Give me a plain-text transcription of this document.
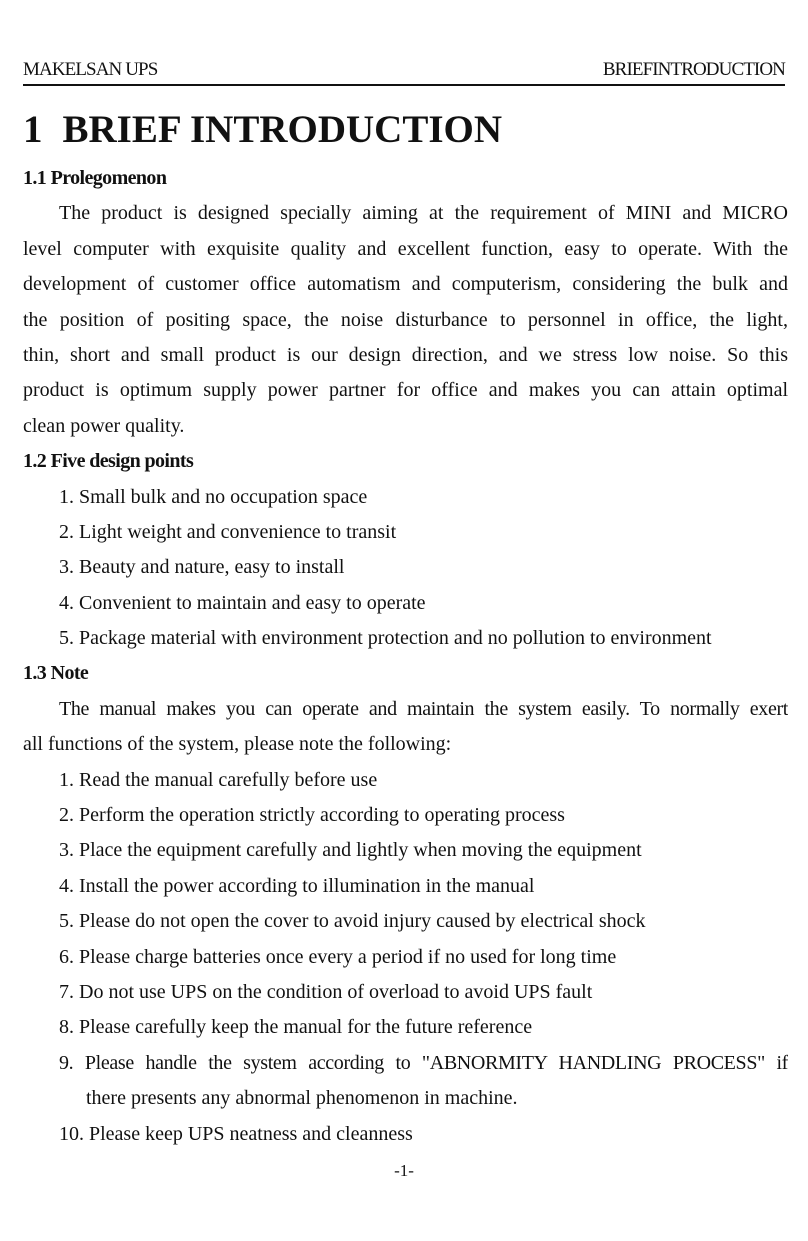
MAKELSAN UPS	BRIEFINTRODUCTION
1 BRIEF INTRODUCTION
1.1 Prolegomenon
The product is designed specially aiming at the requirement of MINI and MICRO
level computer with exquisite quality and excellent function, easy to operate. With the
development of customer office automatism and computerism, considering the bulk and
the position of positing space, the noise disturbance to personnel in office, the light,
thin, short and small product is our design direction, and we stress low noise. So this
product is optimum supply power partner for office and makes you can attain optimal
clean power quality.
1.2 Five design points
1. Small bulk and no occupation space
2. Light weight and convenience to transit
3. Beauty and nature, easy to install
4. Convenient to maintain and easy to operate
5. Package material with environment protection and no pollution to environment
1.3 Note
The manual makes you can operate and maintain the system easily. To normally exert
all functions of the system, please note the following:
1. Read the manual carefully before use
2. Perform the operation strictly according to operating process
3. Place the equipment carefully and lightly when moving the equipment
4. Install the power according to illumination in the manual
5. Please do not open the cover to avoid injury caused by electrical shock
6. Please charge batteries once every a period if no used for long time
7. Do not use UPS on the condition of overload to avoid UPS fault
8. Please carefully keep the manual for the future reference
9. Please handle the system according to "ABNORMITY HANDLING PROCESS" if
there presents any abnormal phenomenon in machine.
10. Please keep UPS neatness and cleanness
-1-
